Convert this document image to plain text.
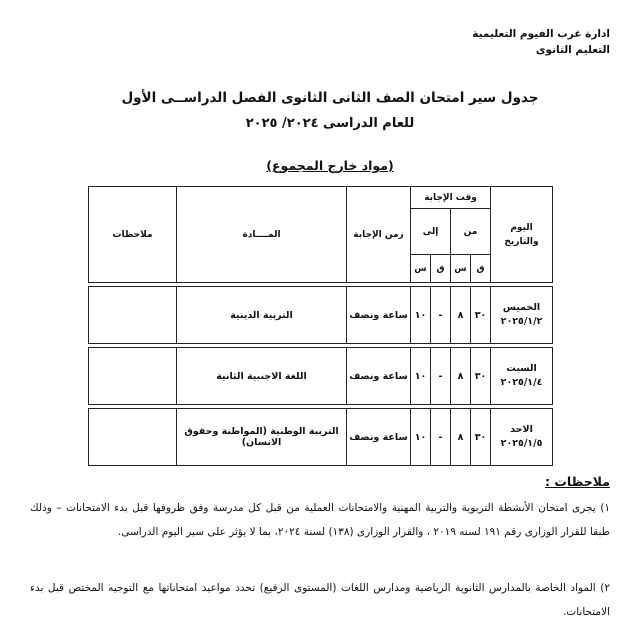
ادارة غرب الفيوم التعليمية
التعليم الثانوى
جدول سير امتحان الصف الثانى الثانوى الفصل الدراســى الأول
للعام الدراسى ٢٠٢٤/ ٢٠٢٥
(مواد خارج المجموع)
اليوم
والتاريخ	وقت الإجابة				زمن الإجابة	المــــادة	ملاحظات
	من		إلى				
	ق	س	ق	س			

الخميس
٢٠٢٥/١/٢	٣٠	٨	-	١٠	ساعة ونصف	التربية الدينية	

السبت
٢٠٢٥/١/٤	٣٠	٨	-	١٠	ساعة ونصف	اللغة الاجنبية الثانية	

الاحد
٢٠٢٥/١/٥	٣٠	٨	-	١٠	ساعة ونصف	التربية الوطنية (المواطنة وحقوق الانسان)	
ملاحظات :
١) يجرى امتحان الأنشطة التربوية والتربية المهنية والامتحانات العملية من قبل كل مدرسة وفق ظروفها قبل بدء الامتحانات – وذلك طبقا للقرار الوزارى رقم ١٩١ لسنه ٢٠١٩ ، والقرار الوزارى (١٣٨) لسنة ٢٠٢٤، بما لا يؤثر على سير اليوم الدراسى.
٢) المواد الخاصة بالمدارس الثانوية الرياضية ومدارس اللغات (المستوى الرفيع) تحدد مواعيد امتحاناتها مع التوجيه المختص قبل بدء الامتحانات.
